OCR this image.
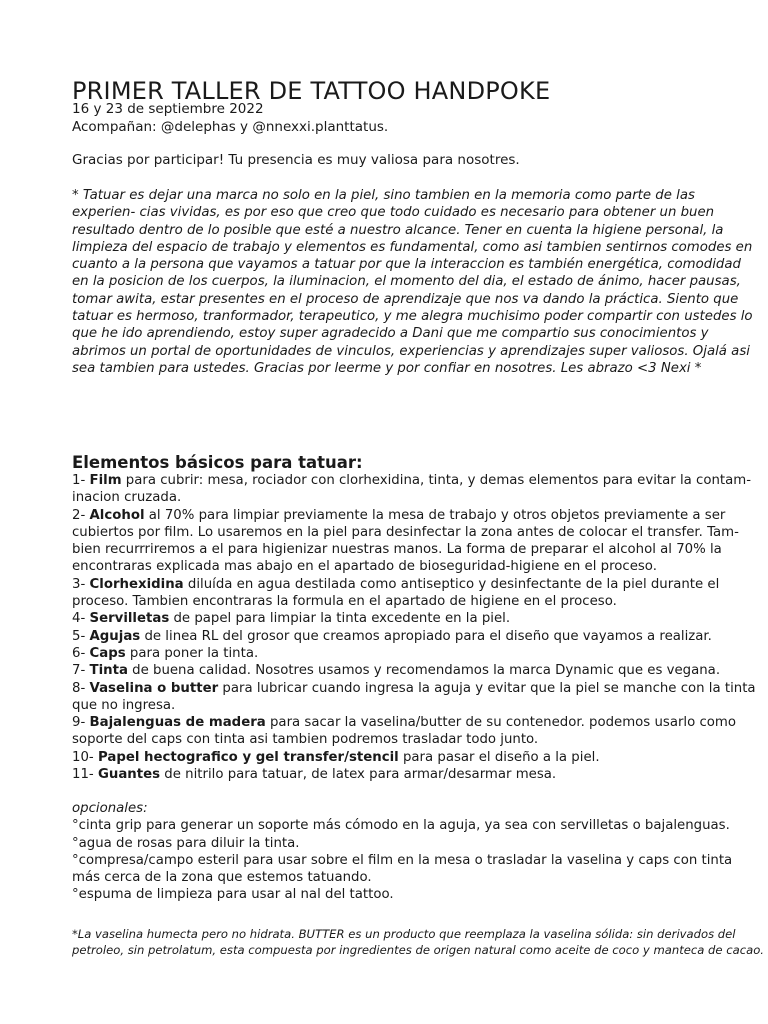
PRIMER TALLER DE TATTOO HANDPOKE
16 y 23 de septiembre 2022
Acompañan: @delephas y @nnexxi.planttatus.
Gracias por participar! Tu presencia es muy valiosa para nosotres.
* Tatuar es dejar una marca no solo en la piel, sino tambien en la memoria como parte de las
experien- cias vividas, es por eso que creo que todo cuidado es necesario para obtener un buen
resultado dentro de lo posible que esté a nuestro alcance. Tener en cuenta la higiene personal, la
limpieza del espacio de trabajo y elementos es fundamental, como asi tambien sentirnos comodes en
cuanto a la persona que vayamos a tatuar por que la interaccion es también energética, comodidad
en la posicion de los cuerpos, la iluminacion, el momento del dia, el estado de ánimo, hacer pausas,
tomar awita, estar presentes en el proceso de aprendizaje que nos va dando la práctica. Siento que
tatuar es hermoso, tranformador, terapeutico, y me alegra muchisimo poder compartir con ustedes lo
que he ido aprendiendo, estoy super agradecido a Dani que me compartio sus conocimientos y
abrimos un portal de oportunidades de vinculos, experiencias y aprendizajes super valiosos. Ojalá asi
sea tambien para ustedes. Gracias por leerme y por confiar en nosotres. Les abrazo <3 Nexi *
Elementos básicos para tatuar:
1- Film para cubrir: mesa, rociador con clorhexidina, tinta, y demas elementos para evitar la contam-
inacion cruzada.
2- Alcohol al 70% para limpiar previamente la mesa de trabajo y otros objetos previamente a ser
cubiertos por film. Lo usaremos en la piel para desinfectar la zona antes de colocar el transfer. Tam-
bien recurrriremos a el para higienizar nuestras manos. La forma de preparar el alcohol al 70% la
encontraras explicada mas abajo en el apartado de bioseguridad-higiene en el proceso.
3- Clorhexidina diluída en agua destilada como antiseptico y desinfectante de la piel durante el
proceso. Tambien encontraras la formula en el apartado de higiene en el proceso.
4- Servilletas de papel para limpiar la tinta excedente en la piel.
5- Agujas de linea RL del grosor que creamos apropiado para el diseño que vayamos a realizar.
6- Caps para poner la tinta.
7- Tinta de buena calidad. Nosotres usamos y recomendamos la marca Dynamic que es vegana.
8- Vaselina o butter para lubricar cuando ingresa la aguja y evitar que la piel se manche con la tinta
que no ingresa.
9- Bajalenguas de madera para sacar la vaselina/butter de su contenedor. podemos usarlo como
soporte del caps con tinta asi tambien podremos trasladar todo junto.
10- Papel hectografico y gel transfer/stencil para pasar el diseño a la piel.
11- Guantes de nitrilo para tatuar, de latex para armar/desarmar mesa.
opcionales:
°cinta grip para generar un soporte más cómodo en la aguja, ya sea con servilletas o bajalenguas.
°agua de rosas para diluir la tinta.
°compresa/campo esteril para usar sobre el film en la mesa o trasladar la vaselina y caps con tinta
más cerca de la zona que estemos tatuando.
°espuma de limpieza para usar al nal del tattoo.
*La vaselina humecta pero no hidrata. BUTTER es un producto que reemplaza la vaselina sólida: sin derivados del
petroleo, sin petrolatum, esta compuesta por ingredientes de origen natural como aceite de coco y manteca de cacao.
